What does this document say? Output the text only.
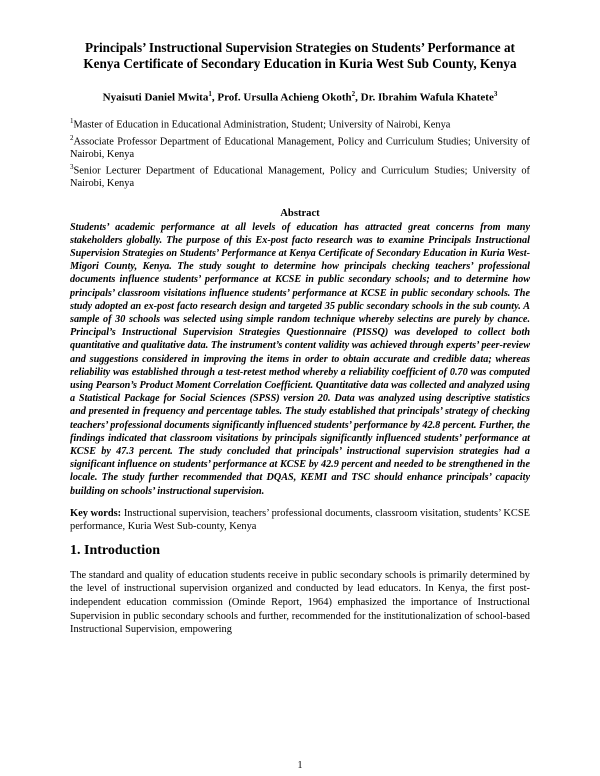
Principals’ Instructional Supervision Strategies on Students’ Performance at Kenya Certificate of Secondary Education in Kuria West Sub County, Kenya
Nyaisuti Daniel Mwita$^1$, Prof. Ursulla Achieng Okoth$^2$, Dr. Ibrahim Wafula Khatete$^3$

$^1$Master of Education in Educational Administration, Student; University of Nairobi, Kenya

$^2$Associate Professor Department of Educational Management, Policy and Curriculum Studies; University of Nairobi, Kenya

$^3$Senior Lecturer Department of Educational Management, Policy and Curriculum Studies; University of Nairobi, Kenya

Abstract

Students’ academic performance at all levels of education has attracted great concerns from many stakeholders globally. The purpose of this Ex-post facto research was to examine Principals Instructional Supervision Strategies on Students’ Performance at Kenya Certificate of Secondary Education in Kuria West-Migori County, Kenya. The study sought to determine how principals checking teachers’ professional documents influence students’ performance at KCSE in public secondary schools; and to determine how principals’ classroom visitations influence students’ performance at KCSE in public secondary schools. The study adopted an ex-post facto research design and targeted 35 public secondary schools in the sub county. A sample of 30 schools was selected using simple random technique whereby selectins are purely by chance. Principal’s Instructional Supervision Strategies Questionnaire (PISSQ) was developed to collect both quantitative and qualitative data. The instrument’s content validity was achieved through experts’ peer-review and suggestions considered in improving the items in order to obtain accurate and credible data; whereas reliability was established through a test-retest method whereby a reliability coefficient of 0.70 was computed using Pearson’s Product Moment Correlation Coefficient. Quantitative data was collected and analyzed using a Statistical Package for Social Sciences (SPSS) version 20. Data was analyzed using descriptive statistics and presented in frequency and percentage tables. The study established that principals’ strategy of checking teachers’ professional documents significantly influenced students’ performance by 42.8 percent. Further, the findings indicated that classroom visitations by principals significantly influenced students’ performance at KCSE by 47.3 percent. The study concluded that principals’ instructional supervision strategies had a significant influence on students’ performance at KCSE by 42.9 percent and needed to be strengthened in the locale. The study further recommended that DQAS, KEMI and TSC should enhance principals’ capacity building on schools’ instructional supervision.

Key words: Instructional supervision, teachers’ professional documents, classroom visitation, students’ KCSE performance, Kuria West Sub-county, Kenya
1. Introduction

The standard and quality of education students receive in public secondary schools is primarily determined by the level of instructional supervision organized and conducted by lead educators. In Kenya, the first post-independent education commission (Ominde Report, 1964) emphasized the importance of Instructional Supervision in public secondary schools and further, recommended for the institutionalization of school-based Instructional Supervision, empowering

1
